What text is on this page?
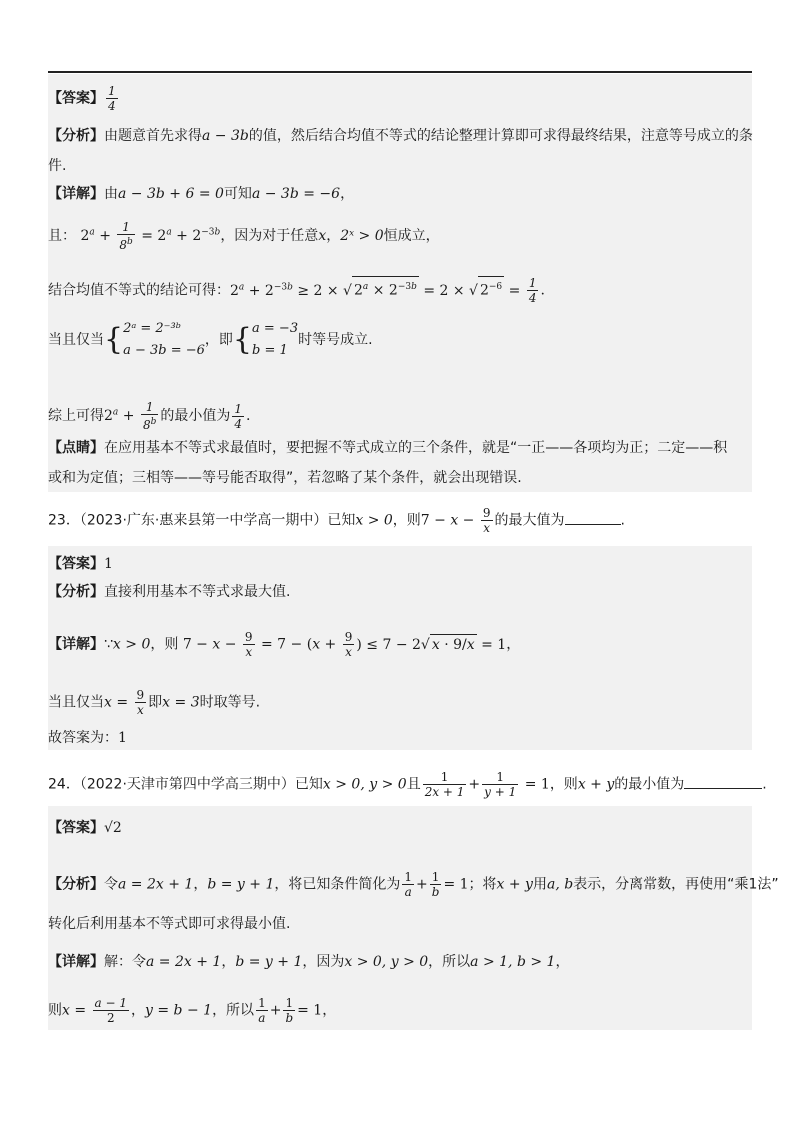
【答案】 $\frac{1}{4}$
【分析】由题意首先求得a − 3b的值，然后结合均值不等式的结论整理计算即可求得最终结果，注意等号成立的条
件.
【详解】由a − 3b + 6 = 0可知a − 3b = −6，
且： $2^a + \frac{1}{8^b} = 2^a + 2^{-3b}$，因为对于任意x，2ˣ > 0恒成立，
结合均值不等式的结论可得：$2^a + 2^{-3b} \ge 2$ × √ $2^a \times 2^{-3b} = 2$ × √ $2^{-6} = \frac{1}{4}$ .
当且仅当{ 2ᵃ = 2⁻³ᵇ
a − 3b = −6
，即{ a = −3
b = 1
时等号成立.
综上可得$2^a + \frac{1}{8^b}$ 的最小值为 $\frac{1}{4}$ .
【点睛】在应用基本不等式求最值时，要把握不等式成立的三个条件，就是“一正——各项均为正；二定——积
或和为定值；三相等——等号能否取得”，若忽略了某个条件，就会出现错误.
23．（2023·广东·惠来县第一中学高一期中）已知x > 0，则$7 - x - \frac{9}{x}$ 的最大值为	.
【答案】1
【分析】直接利用基本不等式求最大值.
【详解】∵x > 0，则 $7 - x - \frac{9}{x} = 7 - (x + \frac{9}{x}$ ) ≤ 7 − 2√ x · 9/x = 1，
当且仅当$x = \frac{9}{x}$ 即x = 3时取等号.
故答案为：1
24．（2022·天津市第四中学高三期中）已知x > 0, y > 0且 $\frac{1}{2x + 1} + \frac{1}{y + 1} = 1$，则x + y的最小值为	.
【答案】√2
【分析】令a = 2x + 1，b = y + 1，将已知条件简化为 $\frac{1}{a} + \frac{1}{b} = 1$；将x + y用a, b表示，分离常数，再使用“乘1法”
转化后利用基本不等式即可求得最小值.
【详解】解：令a = 2x + 1，b = y + 1，因为x > 0, y > 0，所以a > 1, b > 1，
则$x = \frac{a - 1}{2}$ ，y = b − 1，所以 $\frac{1}{a} + \frac{1}{b} = 1$，
